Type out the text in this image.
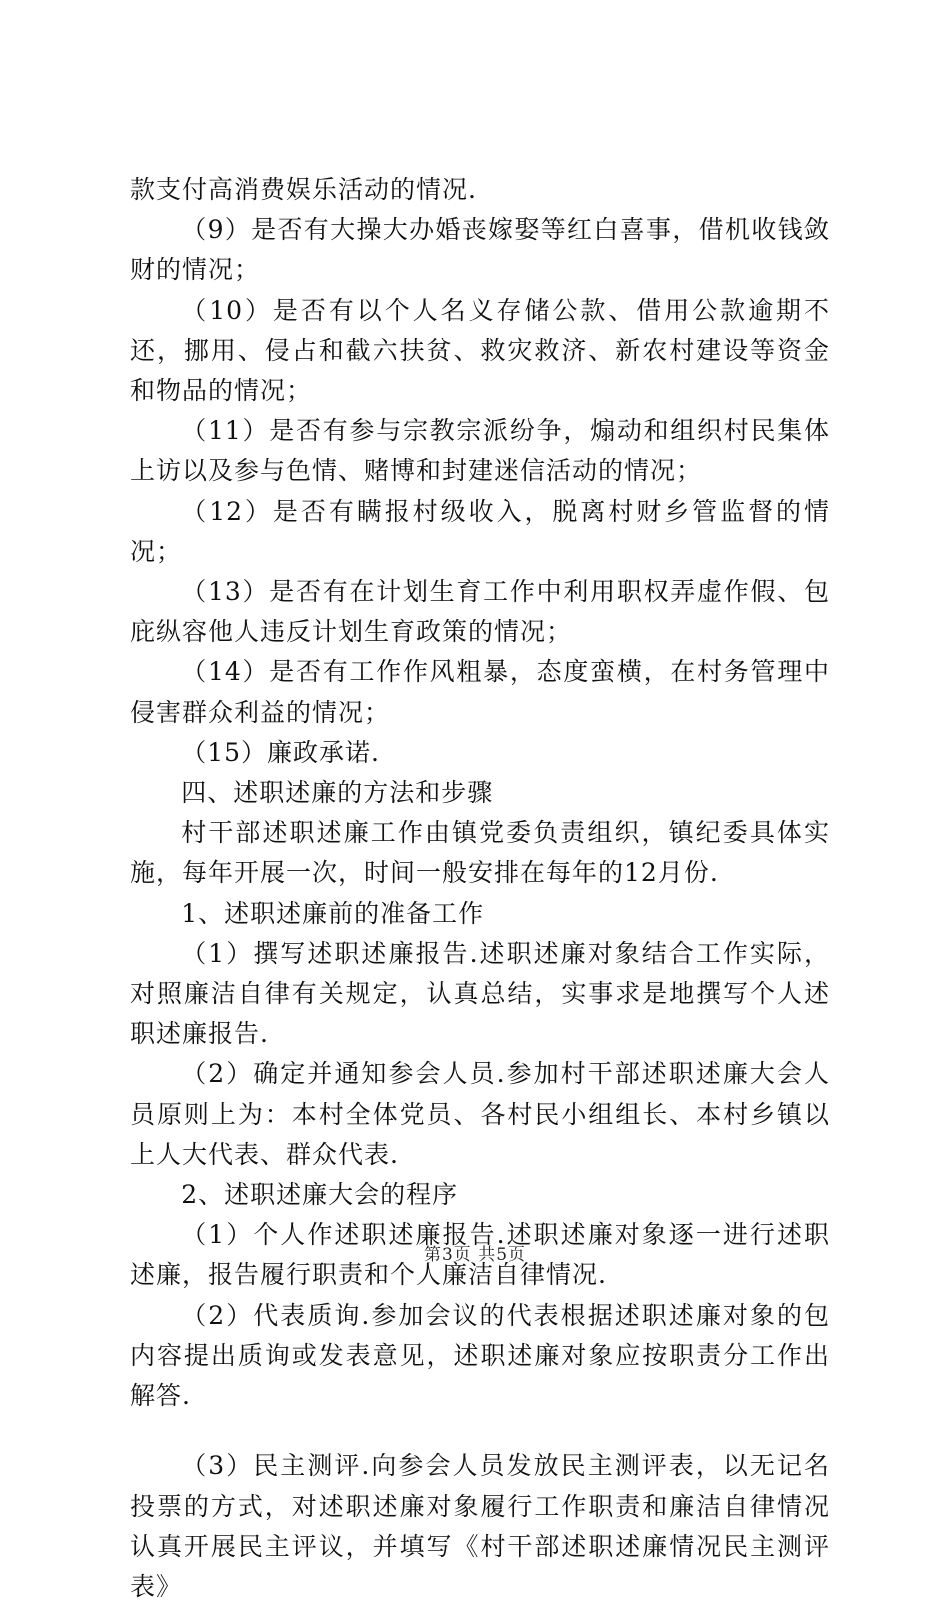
款支付高消费娱乐活动的情况.

（9）是否有大操大办婚丧嫁娶等红白喜事，借机收钱敛财的情况；

（10）是否有以个人名义存储公款、借用公款逾期不还，挪用、侵占和截六扶贫、救灾救济、新农村建设等资金和物品的情况；

（11）是否有参与宗教宗派纷争，煽动和组织村民集体上访以及参与色情、赌博和封建迷信活动的情况；

（12）是否有瞒报村级收入，脱离村财乡管监督的情况；

（13）是否有在计划生育工作中利用职权弄虚作假、包庇纵容他人违反计划生育政策的情况；

（14）是否有工作作风粗暴，态度蛮横，在村务管理中侵害群众利益的情况；

（15）廉政承诺.

四、述职述廉的方法和步骤

村干部述职述廉工作由镇党委负责组织，镇纪委具体实施，每年开展一次，时间一般安排在每年的12月份.

1、述职述廉前的准备工作

（1）撰写述职述廉报告.述职述廉对象结合工作实际，对照廉洁自律有关规定，认真总结，实事求是地撰写个人述职述廉报告.

（2）确定并通知参会人员.参加村干部述职述廉大会人员原则上为：本村全体党员、各村民小组组长、本村乡镇以上人大代表、群众代表.

2、述职述廉大会的程序

（1）个人作述职述廉报告.述职述廉对象逐一进行述职述廉，报告履行职责和个人廉洁自律情况.

（2）代表质询.参加会议的代表根据述职述廉对象的包内容提出质询或发表意见，述职述廉对象应按职责分工作出解答.

（3）民主测评.向参会人员发放民主测评表，以无记名投票的方式，对述职述廉对象履行工作职责和廉洁自律情况认真开展民主评议，并填写《村干部述职述廉情况民主测评表》

第3页 共5页
